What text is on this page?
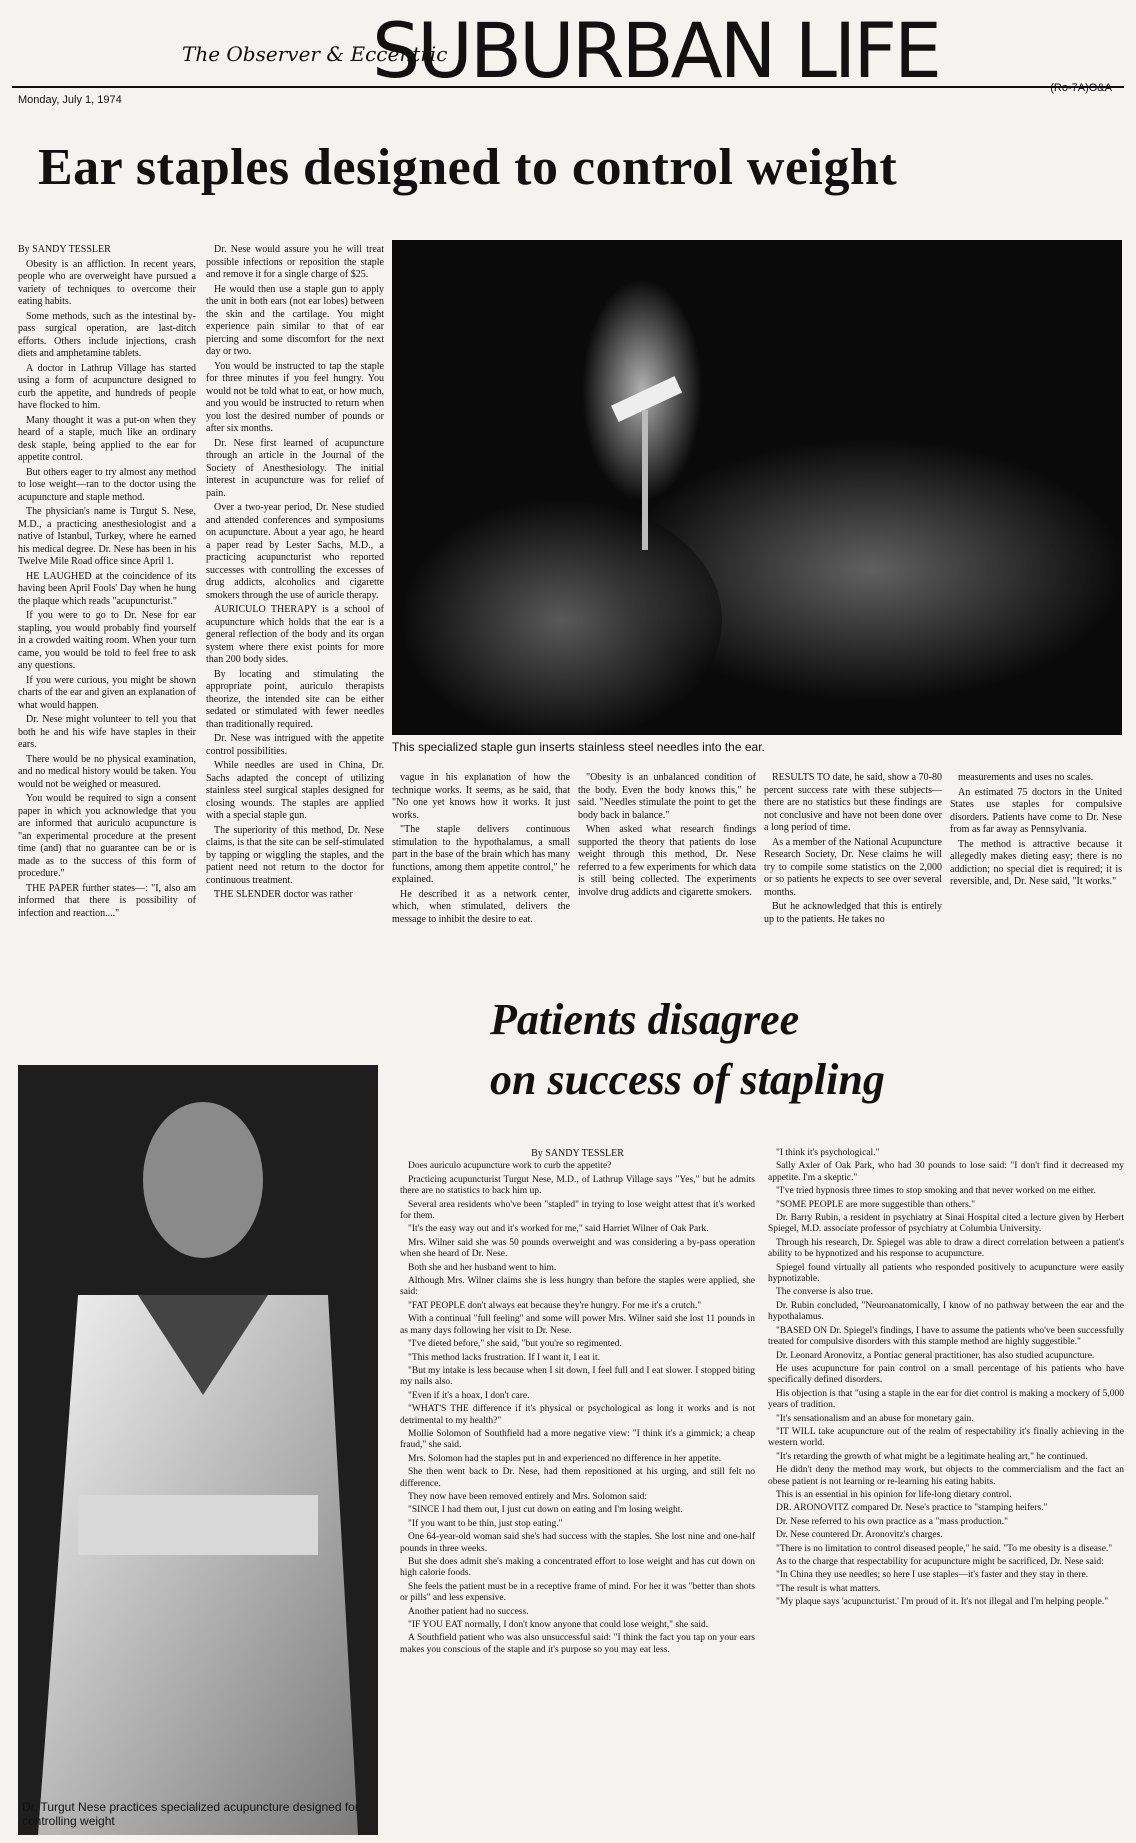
The Observer & Eccentric
SUBURBAN LIFE
Monday, July 1, 1974
(Ro-7A)O&A
Ear staples designed to control weight

By SANDY TESSLER

Obesity is an affliction. In recent years, people who are overweight have pursued a variety of techniques to overcome their eating habits.

Some methods, such as the intestinal by-pass surgical operation, are last-ditch efforts. Others include injections, crash diets and amphetamine tablets.

A doctor in Lathrup Village has started using a form of acupuncture designed to curb the appetite, and hundreds of people have flocked to him.

Many thought it was a put-on when they heard of a staple, much like an ordinary desk staple, being applied to the ear for appetite control.

But others eager to try almost any method to lose weight—ran to the doctor using the acupuncture and staple method.

The physician's name is Turgut S. Nese, M.D., a practicing anesthesiologist and a native of Istanbul, Turkey, where he earned his medical degree. Dr. Nese has been in his Twelve Mile Road office since April 1.

HE LAUGHED at the coincidence of its having been April Fools' Day when he hung the plaque which reads "acupuncturist."

If you were to go to Dr. Nese for ear stapling, you would probably find yourself in a crowded waiting room. When your turn came, you would be told to feel free to ask any questions.

If you were curious, you might be shown charts of the ear and given an explanation of what would happen.

Dr. Nese might volunteer to tell you that both he and his wife have staples in their ears.

There would be no physical examination, and no medical history would be taken. You would not be weighed or measured.

You would be required to sign a consent paper in which you acknowledge that you are informed that auriculo acupuncture is "an experimental procedure at the present time (and) that no guarantee can be or is made as to the success of this form of procedure."

THE PAPER further states—: "I, also am informed that there is possibility of infection and reaction...."

Dr. Nese would assure you he will treat possible infections or reposition the staple and remove it for a single charge of $25.

He would then use a staple gun to apply the unit in both ears (not ear lobes) between the skin and the cartilage. You might experience pain similar to that of ear piercing and some discomfort for the next day or two.

You would be instructed to tap the staple for three minutes if you feel hungry. You would not be told what to eat, or how much, and you would be instructed to return when you lost the desired number of pounds or after six months.

Dr. Nese first learned of acupuncture through an article in the Journal of the Society of Anesthesiology. The initial interest in acupuncture was for relief of pain.

Over a two-year period, Dr. Nese studied and attended conferences and symposiums on acupuncture. About a year ago, he heard a paper read by Lester Sachs, M.D., a practicing acupuncturist who reported successes with controlling the excesses of drug addicts, alcoholics and cigarette smokers through the use of auricle therapy.

AURICULO THERAPY is a school of acupuncture which holds that the ear is a general reflection of the body and its organ system where there exist points for more than 200 body sides.

By locating and stimulating the appropriate point, auriculo therapists theorize, the intended site can be either sedated or stimulated with fewer needles than traditionally required.

Dr. Nese was intrigued with the appetite control possibilities.

While needles are used in China, Dr. Sachs adapted the concept of utilizing stainless steel surgical staples designed for closing wounds. The staples are applied with a special staple gun.

The superiority of this method, Dr. Nese claims, is that the site can be self-stimulated by tapping or wiggling the staples, and the patient need not return to the doctor for continuous treatment.

THE SLENDER doctor was rather

This specialized staple gun inserts stainless steel needles into the ear.

vague in his explanation of how the technique works. It seems, as he said, that "No one yet knows how it works. It just works.

"The staple delivers continuous stimulation to the hypothalamus, a small part in the base of the brain which has many functions, among them appetite control," he explained.

He described it as a network center, which, when stimulated, delivers the message to inhibit the desire to eat.

"Obesity is an unbalanced condition of the body. Even the body knows this," he said. "Needles stimulate the point to get the body back in balance."

When asked what research findings supported the theory that patients do lose weight through this method, Dr. Nese referred to a few experiments for which data is still being collected. The experiments involve drug addicts and cigarette smokers.

RESULTS TO date, he said, show a 70-80 percent success rate with these subjects—there are no statistics but these findings are not conclusive and have not been done over a long period of time.

As a member of the National Acupuncture Research Society, Dr. Nese claims he will try to compile some statistics on the 2,000 or so patients he expects to see over several months.

But he acknowledged that this is entirely up to the patients. He takes no

measurements and uses no scales.

An estimated 75 doctors in the United States use staples for compulsive disorders. Patients have come to Dr. Nese from as far away as Pennsylvania.

The method is attractive because it allegedly makes dieting easy; there is no addiction; no special diet is required; it is reversible, and, Dr. Nese said, "It works."

Patients disagree
on success of stapling
Dr. Turgut Nese practices specialized acupuncture designed for
controlling weight

By SANDY TESSLER

Does auriculo acupuncture work to curb the appetite?

Practicing acupuncturist Turgut Nese, M.D., of Lathrup Village says "Yes," but he admits there are no statistics to back him up.

Several area residents who've been "stapled" in trying to lose weight attest that it's worked for them.

"It's the easy way out and it's worked for me," said Harriet Wilner of Oak Park.

Mrs. Wilner said she was 50 pounds overweight and was considering a by-pass operation when she heard of Dr. Nese.

Both she and her husband went to him.

Although Mrs. Wilner claims she is less hungry than before the staples were applied, she said:

"FAT PEOPLE don't always eat because they're hungry. For me it's a crutch."

With a continual "full feeling" and some will power Mrs. Wilner said she lost 11 pounds in as many days following her visit to Dr. Nese.

"I've dieted before," she said, "but you're so regimented.

"This method lacks frustration. If I want it, I eat it.

"But my intake is less because when I sit down, I feel full and I eat slower. I stopped biting my nails also.

"Even if it's a hoax, I don't care.

"WHAT'S THE difference if it's physical or psychological as long it works and is not detrimental to my health?"

Mollie Solomon of Southfield had a more negative view: "I think it's a gimmick; a cheap fraud," she said.

Mrs. Solomon had the staples put in and experienced no difference in her appetite.

She then went back to Dr. Nese, had them repositioned at his urging, and still felt no difference.

They now have been removed entirely and Mrs. Solomon said:

"SINCE I had them out, I just cut down on eating and I'm losing weight.

"If you want to be thin, just stop eating."

One 64-year-old woman said she's had success with the staples. She lost nine and one-half pounds in three weeks.

But she does admit she's making a concentrated effort to lose weight and has cut down on high calorie foods.

She feels the patient must be in a receptive frame of mind. For her it was "better than shots or pills" and less expensive.

Another patient had no success.

"IF YOU EAT normally, I don't know anyone that could lose weight," she said.

A Southfield patient who was also unsuccessful said: "I think the fact you tap on your ears makes you conscious of the staple and it's purpose so you may eat less.

"I think it's psychological."

Sally Axler of Oak Park, who had 30 pounds to lose said: "I don't find it decreased my appetite. I'm a skeptic."

"I've tried hypnosis three times to stop smoking and that never worked on me either.

"SOME PEOPLE are more suggestible than others."

Dr. Barry Rubin, a resident in psychiatry at Sinai Hospital cited a lecture given by Herbert Spiegel, M.D. associate professor of psychiatry at Columbia University.

Through his research, Dr. Spiegel was able to draw a direct correlation between a patient's ability to be hypnotized and his response to acupuncture.

Spiegel found virtually all patients who responded positively to acupuncture were easily hypnotizable.

The converse is also true.

Dr. Rubin concluded, "Neuroanatomically, I know of no pathway between the ear and the hypothalamus.

"BASED ON Dr. Spiegel's findings, I have to assume the patients who've been successfully treated for compulsive disorders with this stample method are highly suggestible."

Dr. Leonard Aronovitz, a Pontiac general practitioner, has also studied acupuncture.

He uses acupuncture for pain control on a small percentage of his patients who have specifically defined disorders.

His objection is that "using a staple in the ear for diet control is making a mockery of 5,000 years of tradition.

"It's sensationalism and an abuse for monetary gain.

"IT WILL take acupuncture out of the realm of respectability it's finally achieving in the western world.

"It's retarding the growth of what might be a legitimate healing art," he continued.

He didn't deny the method may work, but objects to the commercialism and the fact an obese patient is not learning or re-learning his eating habits.

This is an essential in his opinion for life-long dietary control.

DR. ARONOVITZ compared Dr. Nese's practice to "stamping heifers."

Dr. Nese referred to his own practice as a "mass production."

Dr. Nese countered Dr. Aronovitz's charges.

"There is no limitation to control diseased people," he said. "To me obesity is a disease."

As to the charge that respectability for acupuncture might be sacrificed, Dr. Nese said:

"In China they use needles; so here I use staples—it's faster and they stay in there.

"The result is what matters.

"My plaque says 'acupuncturist.' I'm proud of it. It's not illegal and I'm helping people."
